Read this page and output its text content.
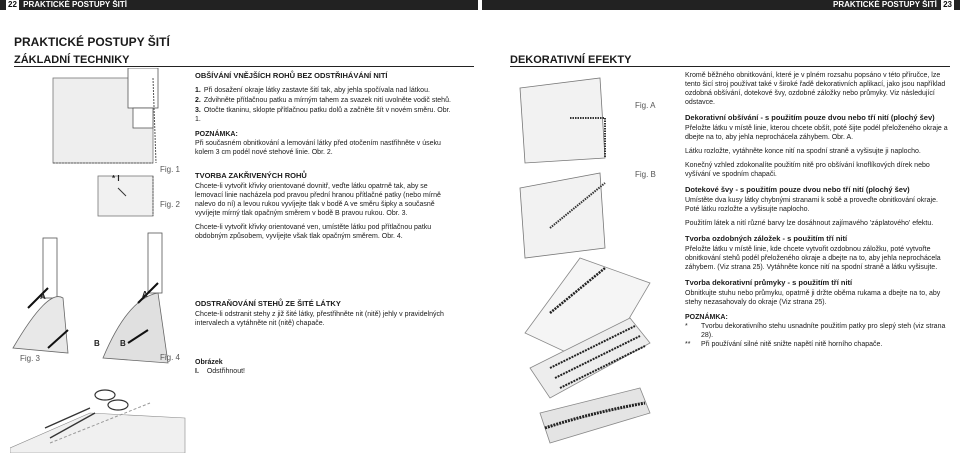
22 PRAKTICKÉ POSTUPY ŠITÍ	PRAKTICKÉ POSTUPY ŠITÍ 23
PRAKTICKÉ POSTUPY ŠITÍ
ZÁKLADNÍ TECHNIKY	DEKORATIVNÍ EFEKTY
Fig. 1
* I
Fig. 2
A	A
B	B
Fig. 3	Fig. 4
OBŠÍVÁNÍ VNĚJŠÍCH ROHŮ BEZ ODSTŘIHÁVÁNÍ NITÍ
1. Při dosažení okraje látky zastavte šití tak, aby jehla spočívala nad látkou.
2. Zdvihněte přítlačnou patku a mírným tahem za svazek nití uvolněte vodič stehů.
3. Otočte tkaninu, sklopte přítlačnou patku dolů a začněte šít v novém směru. Obr. 1.

POZNÁMKA:

Při současném obnitkování a lemování látky před otočením nastřihněte v úseku kolem 3 cm podél nové stehové linie. Obr. 2.

TVORBA ZAKŘIVENÝCH ROHŮ

Chcete-li vytvořit křivky orientované dovnitř, veďte látku opatrně tak, aby se lemovací linie nacházela pod pravou přední hranou přítlačné patky (nebo mírně nalevo do ní) a levou rukou vyvíjejte tlak v bodě A ve směru šipky a současně vyvíjejte mírný tlak opačným směrem v bodě B pravou rukou. Obr. 3.

Chcete-li vytvořit křivky orientované ven, umístěte látku pod přítlačnou patku obdobným způsobem, vyvíjejte však tlak opačným směrem. Obr. 4.

ODSTRAŇOVÁNÍ STEHŮ ZE ŠITÉ LÁTKY

Chcete-li odstranit stehy z již šité látky, přestřihněte nit (nitě) jehly v pravidelných intervalech a vytáhněte nit (nitě) chapače.

Obrázek
I. Odstřihnout!
Fig. A
Fig. B

Kromě běžného obnitkování, které je v plném rozsahu popsáno v této příručce, lze tento šicí stroj používat také v široké řadě dekorativních aplikací, jako jsou například ozdobná obšívání, dotekové švy, ozdobné záložky nebo průmyky. Viz následující odstavce.

Dekorativní obšívání - s použitím pouze dvou nebo tří nití (plochý šev)

Přeložte látku v místě linie, kterou chcete obšít, poté šijte podél přeloženého okraje a dbejte na to, aby jehla neprochácela záhybem. Obr. A.

Látku rozložte, vytáhněte konce nití na spodní straně a vyšisujte ji naploch​o.

Konečný vzhled zdokonalíte použitím nitě pro obšívání knoflíkových dírek nebo vyšívání ve spodním chapači.

Dotekové švy - s použitím pouze dvou nebo tří nití (plochý šev)

Umístěte dva kusy látky chybnými stranami k sobě a proveďte obnitkování okraje. Poté látku rozložte a vyšisujte naploch​o.

Použitím látek a nití různé barvy lze dosáhnout zajímavého 'záplatového' efektu.

Tvorba ozdobných záložek - s použitím tří nití

Přeložte látku v místě linie, kde chcete vytvořit ozdobnou záložku, poté vytvořte obnitkování stehů podél přeloženého okraje a dbejte na to, aby jehla neprochácela záhybem. (Viz strana 25). Vytáhněte konce nití na spodní straně a látku vyšisujte.

Tvorba dekorativní průmyky - s použitím tří nití

Obnitkujte stuhu nebo průmyku, opatrně ji držte oběma rukama a dbejte na to, aby stehy nezasahovaly do okraje (Viz strana 25).

POZNÁMKA:

*	Tvorbu dekorativního stehu usnadníte použitím patky pro slepý steh (viz strana 28).
**	Při používání silné nitě snižte napětí nitě horního chapače.
